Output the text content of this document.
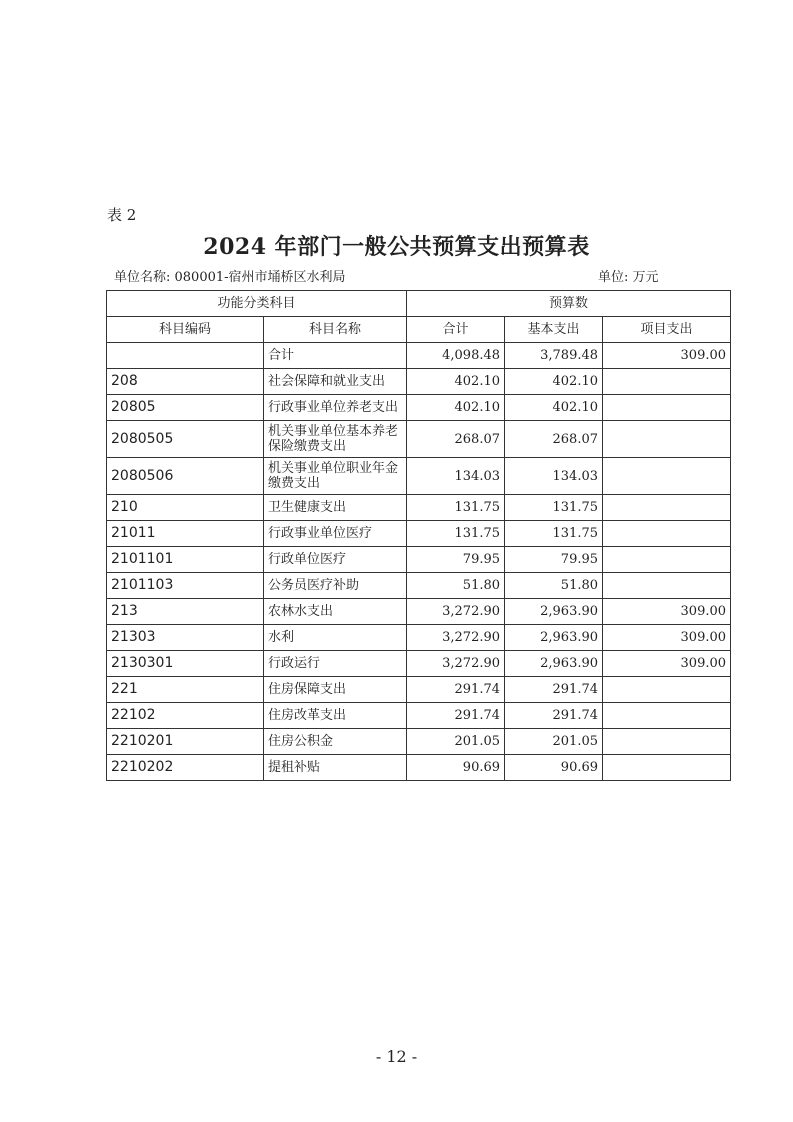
表 2
2024 年部门一般公共预算支出预算表
单位名称: 080001-宿州市埇桥区水利局	单位: 万元
功能分类科目		预算数		
科目编码	科目名称	合计	基本支出	项目支出
	合计	4,098.48	3,789.48	309.00
208	社会保障和就业支出	402.10	402.10	
20805	行政事业单位养老支出	402.10	402.10	
2080505	机关事业单位基本养老保险缴费支出	268.07	268.07	
2080506	机关事业单位职业年金缴费支出	134.03	134.03	
210	卫生健康支出	131.75	131.75	
21011	行政事业单位医疗	131.75	131.75	
2101101	行政单位医疗	79.95	79.95	
2101103	公务员医疗补助	51.80	51.80	
213	农林水支出	3,272.90	2,963.90	309.00
21303	水利	3,272.90	2,963.90	309.00
2130301	行政运行	3,272.90	2,963.90	309.00
221	住房保障支出	291.74	291.74	
22102	住房改革支出	291.74	291.74	
2210201	住房公积金	201.05	201.05	
2210202	提租补贴	90.69	90.69	
- 12 -
